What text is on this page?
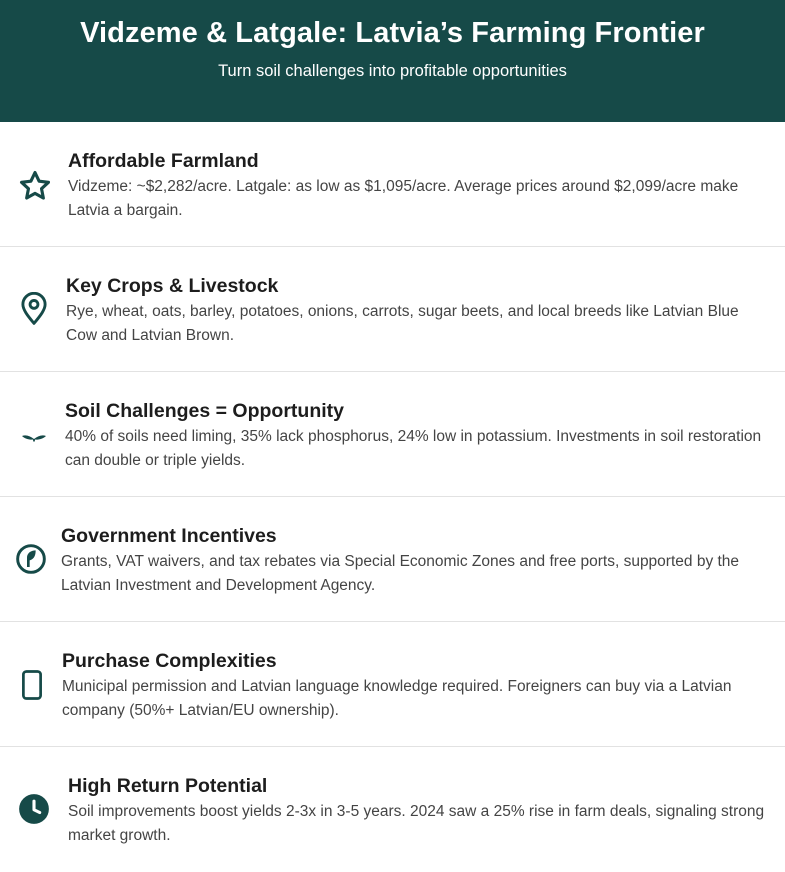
Vidzeme & Latgale: Latvia’s Farming Frontier

Turn soil challenges into profitable opportunities

Affordable Farmland

Vidzeme: ~$2,282/acre. Latgale: as low as $1,095/acre. Average prices around $2,099/acre make Latvia a bargain.

Key Crops & Livestock

Rye, wheat, oats, barley, potatoes, onions, carrots, sugar beets, and local breeds like Latvian Blue Cow and Latvian Brown.

Soil Challenges = Opportunity

40% of soils need liming, 35% lack phosphorus, 24% low in potassium. Investments in soil restoration can double or triple yields.

Government Incentives

Grants, VAT waivers, and tax rebates via Special Economic Zones and free ports, supported by the Latvian Investment and Development Agency.

Purchase Complexities

Municipal permission and Latvian language knowledge required. Foreigners can buy via a Latvian company (50%+ Latvian/EU ownership).

High Return Potential

Soil improvements boost yields 2-3x in 3-5 years. 2024 saw a 25% rise in farm deals, signaling strong market growth.
